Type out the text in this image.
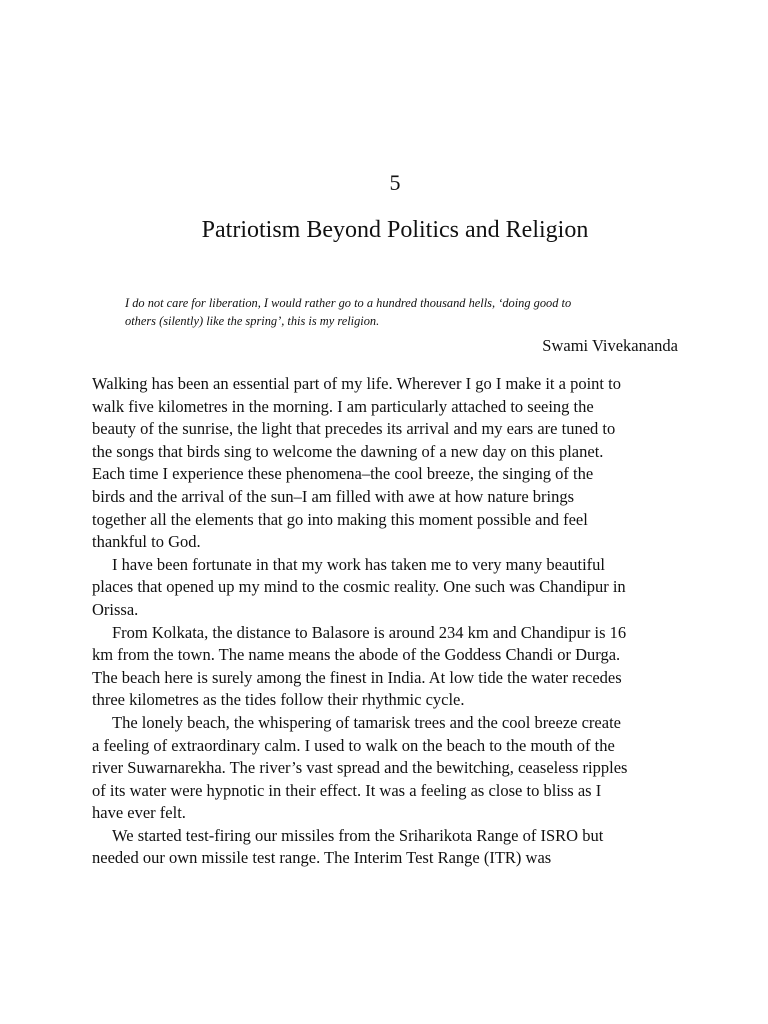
5
Patriotism Beyond Politics and Religion
I do not care for liberation, I would rather go to a hundred thousand hells, ‘doing good to
others (silently) like the spring’, this is my religion.
Swami Vivekananda

Walking has been an essential part of my life. Wherever I go I make it a point to
walk five kilometres in the morning. I am particularly attached to seeing the
beauty of the sunrise, the light that precedes its arrival and my ears are tuned to
the songs that birds sing to welcome the dawning of a new day on this planet.
Each time I experience these phenomena–the cool breeze, the singing of the
birds and the arrival of the sun–I am filled with awe at how nature brings
together all the elements that go into making this moment possible and feel
thankful to God.

I have been fortunate in that my work has taken me to very many beautiful
places that opened up my mind to the cosmic reality. One such was Chandipur in
Orissa.

From Kolkata, the distance to Balasore is around 234 km and Chandipur is 16
km from the town. The name means the abode of the Goddess Chandi or Durga.
The beach here is surely among the finest in India. At low tide the water recedes
three kilometres as the tides follow their rhythmic cycle.

The lonely beach, the whispering of tamarisk trees and the cool breeze create
a feeling of extraordinary calm. I used to walk on the beach to the mouth of the
river Suwarnarekha. The river’s vast spread and the bewitching, ceaseless ripples
of its water were hypnotic in their effect. It was a feeling as close to bliss as I
have ever felt.

We started test-firing our missiles from the Sriharikota Range of ISRO but
needed our own missile test range. The Interim Test Range (ITR) was
